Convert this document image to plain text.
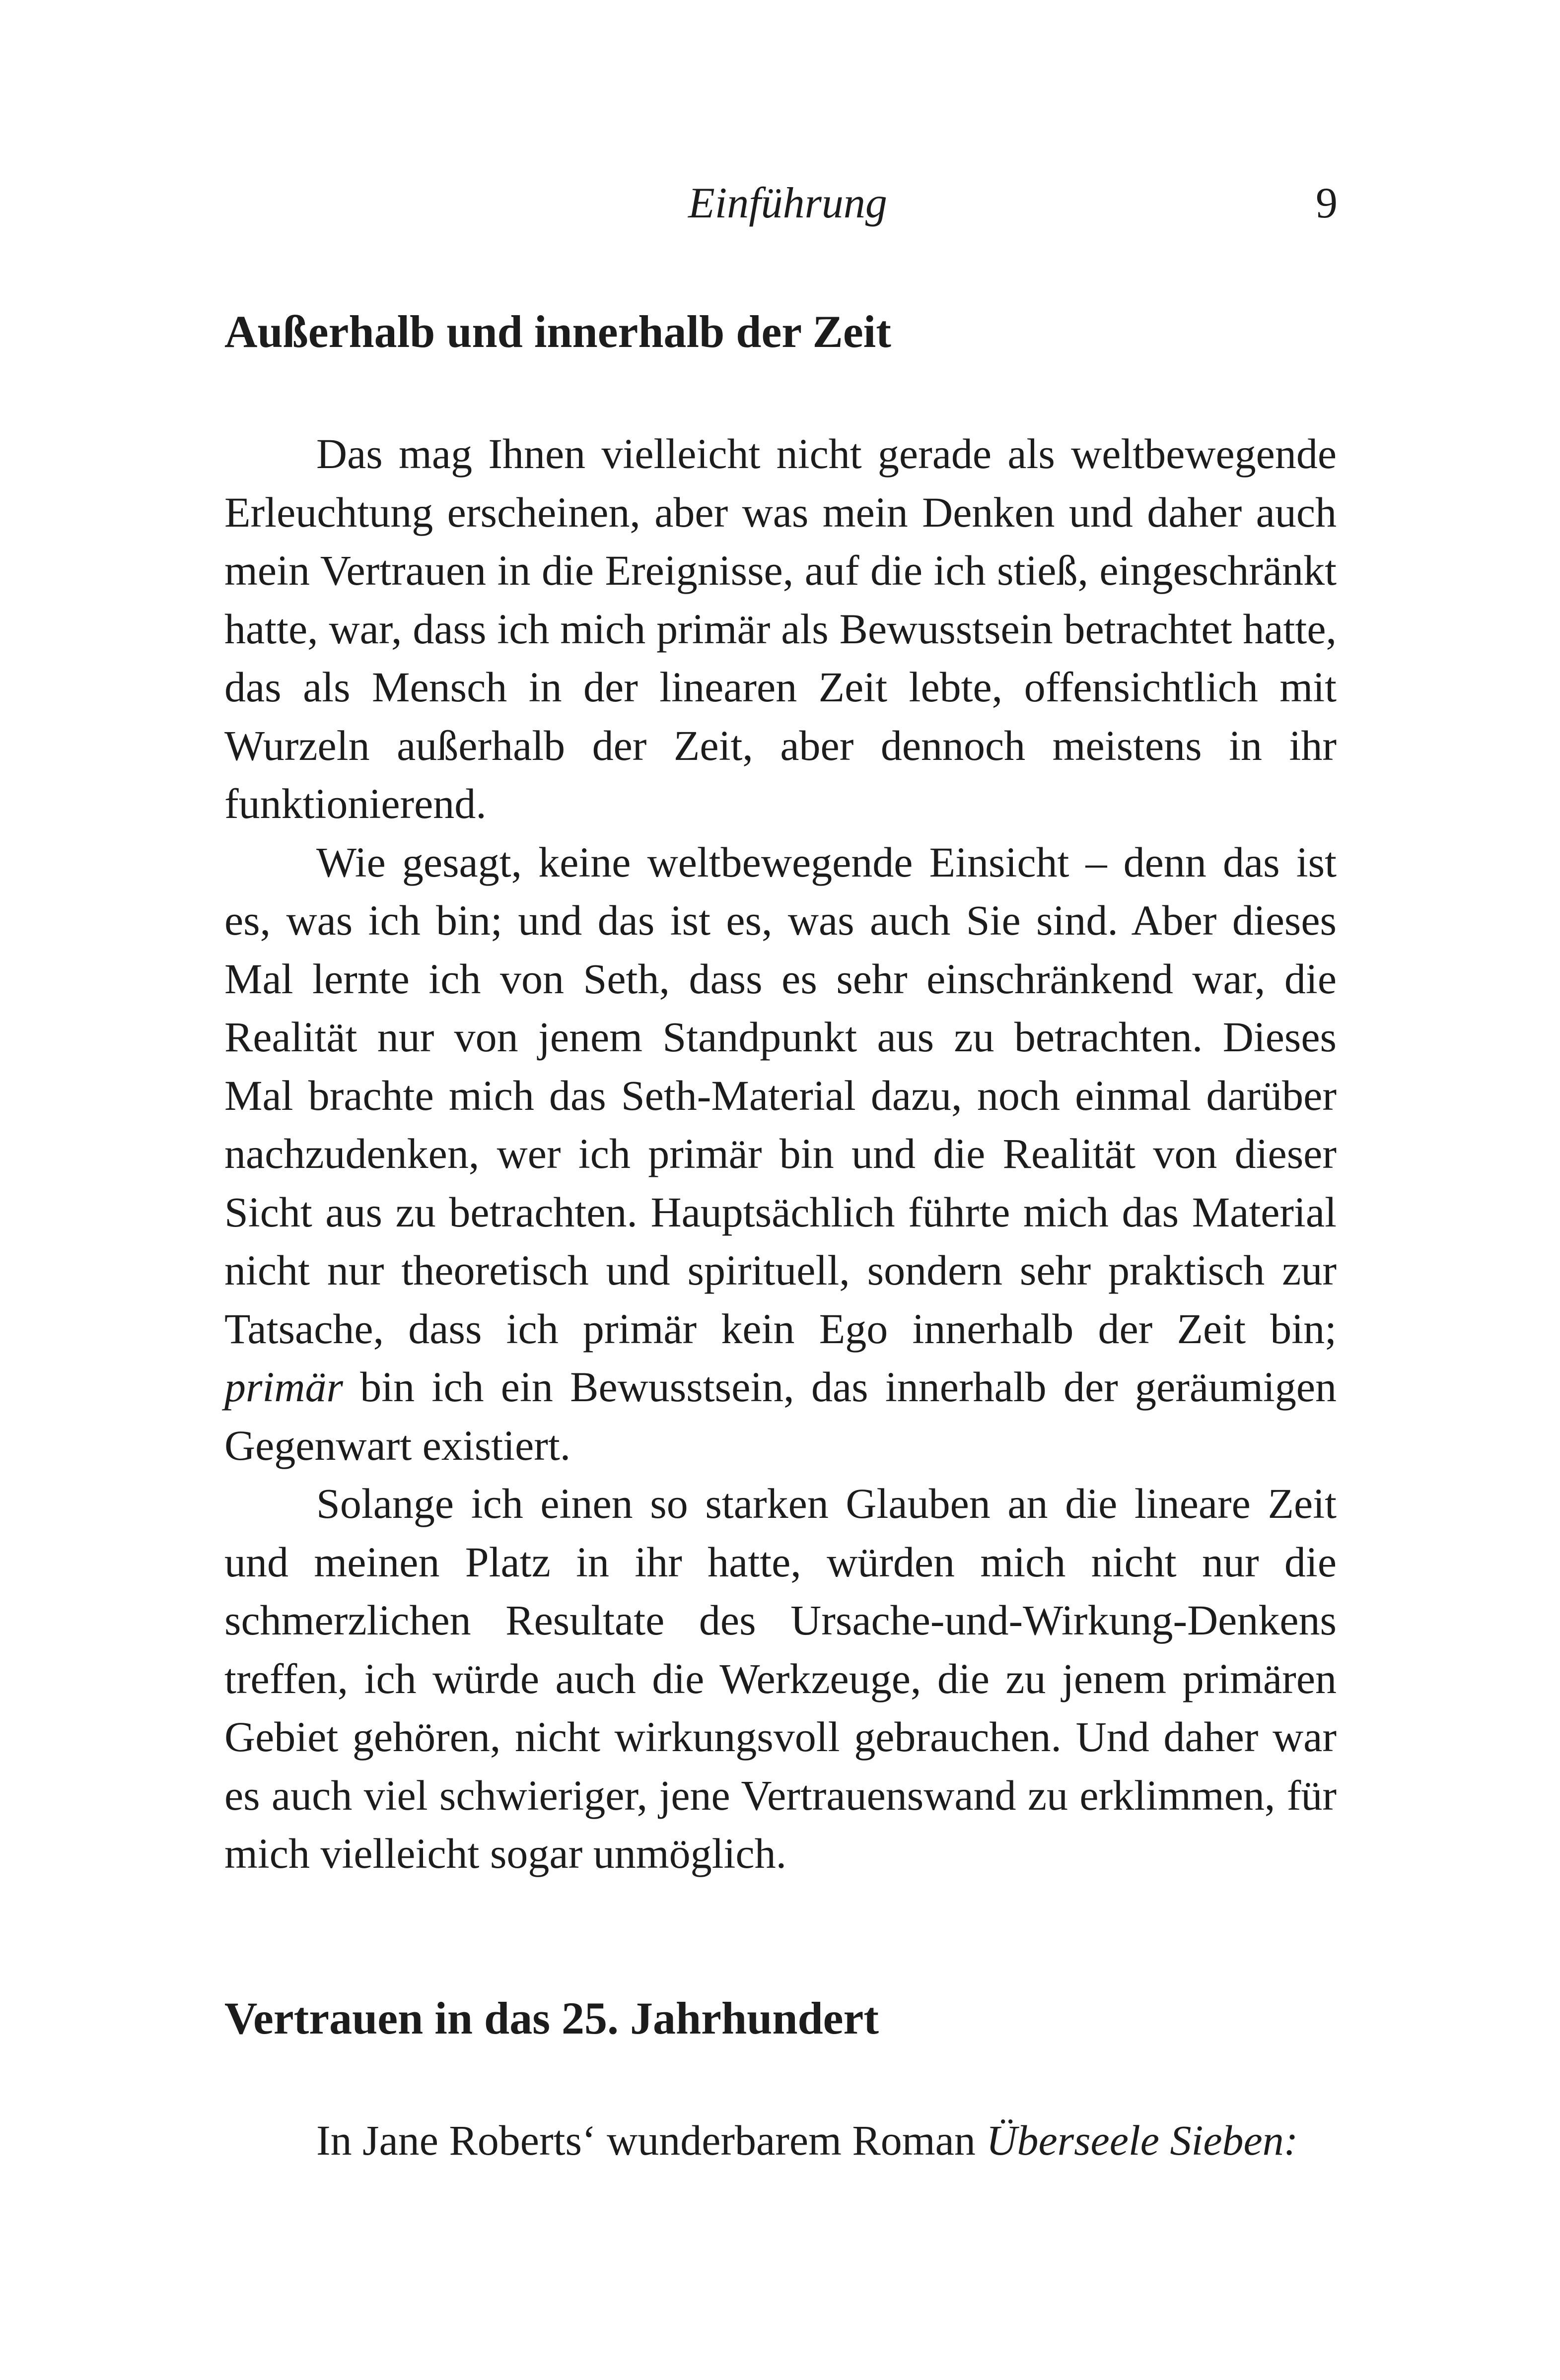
Einführung	9
Außerhalb und innerhalb der Zeit

Das mag Ihnen vielleicht nicht gerade als weltbewegende Erleuchtung erscheinen, aber was mein Denken und daher auch mein Vertrauen in die Ereignisse, auf die ich stieß, eingeschränkt hatte, war, dass ich mich primär als Bewusstsein betrachtet hatte, das als Mensch in der linearen Zeit lebte, offensichtlich mit Wurzeln außerhalb der Zeit, aber dennoch meistens in ihr funktionierend.

Wie gesagt, keine weltbewegende Einsicht – denn das ist es, was ich bin; und das ist es, was auch Sie sind. Aber dieses Mal lernte ich von Seth, dass es sehr einschränkend war, die Realität nur von jenem Standpunkt aus zu betrachten. Dieses Mal brachte mich das Seth-Material dazu, noch einmal darüber nachzudenken, wer ich primär bin und die Realität von dieser Sicht aus zu betrachten. Hauptsächlich führte mich das Material nicht nur theoretisch und spirituell, sondern sehr praktisch zur Tatsache, dass ich primär kein Ego innerhalb der Zeit bin; primär bin ich ein Bewusstsein, das innerhalb der geräumigen Gegenwart existiert.

Solange ich einen so starken Glauben an die lineare Zeit und meinen Platz in ihr hatte, würden mich nicht nur die schmerzlichen Resultate des Ursache-und-Wirkung-Denkens treffen, ich würde auch die Werkzeuge, die zu jenem primären Gebiet gehören, nicht wirkungsvoll gebrauchen. Und daher war es auch viel schwieriger, jene Vertrauenswand zu erklimmen, für mich vielleicht sogar unmöglich.

Vertrauen in das 25. Jahrhundert

In Jane Roberts‘ wunderbarem Roman Überseele Sieben:
